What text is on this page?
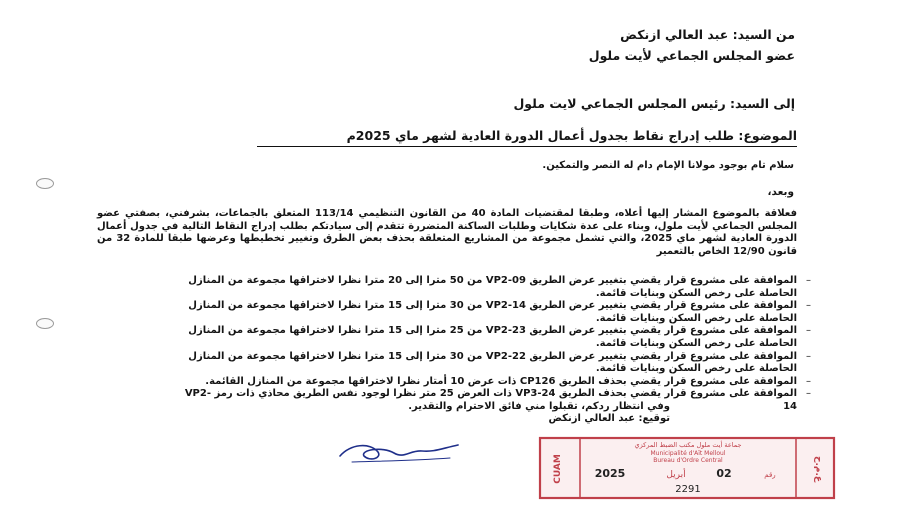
من السيد: عبد العالي ازنكض
عضو المجلس الجماعي لأيت ملول
إلى السيد: رئيس المجلس الجماعي لايت ملول
الموضوع: طلب إدراج نقاط بجدول أعمال الدورة العادية لشهر ماي 2025م
سلام تام بوجود مولانا الإمام دام له النصر والتمكين.
وبعد،
فعلاقة بالموضوع المشار إليها أعلاه، وطبقا لمقتضيات المادة 40 من القانون التنظيمي 113/14 المتعلق بالجماعات، بشرفني، بصفتي عضو المجلس الجماعي لأيت ملول، وبناء على عدة شكايات وطلبات الساكنة المتضررة تتقدم إلى سيادتكم بطلب إدراج النقاط التالية في جدول أعمال الدورة العادية لشهر ماي 2025، والتي تشمل مجموعة من المشاريع المتعلقة بحذف بعض الطرق وتغيير تخطيطها وعرضها طبقا للمادة 32 من قانون 12/90 الخاص بالتعمير
– الموافقة على مشروع قرار يقضي بتغيير عرض الطريق VP2-09 من 50 مترا إلى 20 مترا نظرا لاختراقها مجموعة من المنازل الحاصلة على رخص السكن وبنايات قائمة.
– الموافقة على مشروع قرار يقضي بتغيير عرض الطريق VP2-14 من 30 مترا إلى 15 مترا نظرا لاختراقها مجموعة من المنازل الحاصلة على رخص السكن وبنايات قائمة.
– الموافقة على مشروع قرار يقضي بتغيير عرض الطريق VP2-23 من 25 مترا إلى 15 مترا نظرا لاختراقها مجموعة من المنازل الحاصلة على رخص السكن وبنايات قائمة.
– الموافقة على مشروع قرار يقضي بتغيير عرض الطريق VP2-22 من 30 مترا إلى 15 مترا نظرا لاختراقها مجموعة من المنازل الحاصلة على رخص السكن وبنايات قائمة.
– الموافقة على مشروع قرار يقضي بحذف الطريق CP126 ذات عرض 10 أمتار نظرا لاختراقها مجموعة من المنازل القائمة.
– الموافقة على مشروع قرار يقضي بحذف الطريق VP3-24 ذات العرض 25 متر نظرا لوجود نفس الطريق محاذي ذات رمز VP2-14
وفي انتظار ردكم، تقبلوا مني فائق الاحترام والتقدير.
توقيع: عبد العالي ازنكض
CUAM
جماعة أيت ملول مكتب الضبط المركزي
Municipalité d'Aït Melloul
Bureau d'Ordre Central
2025	أبريل	02	رقم
2291
ع.م.ح
